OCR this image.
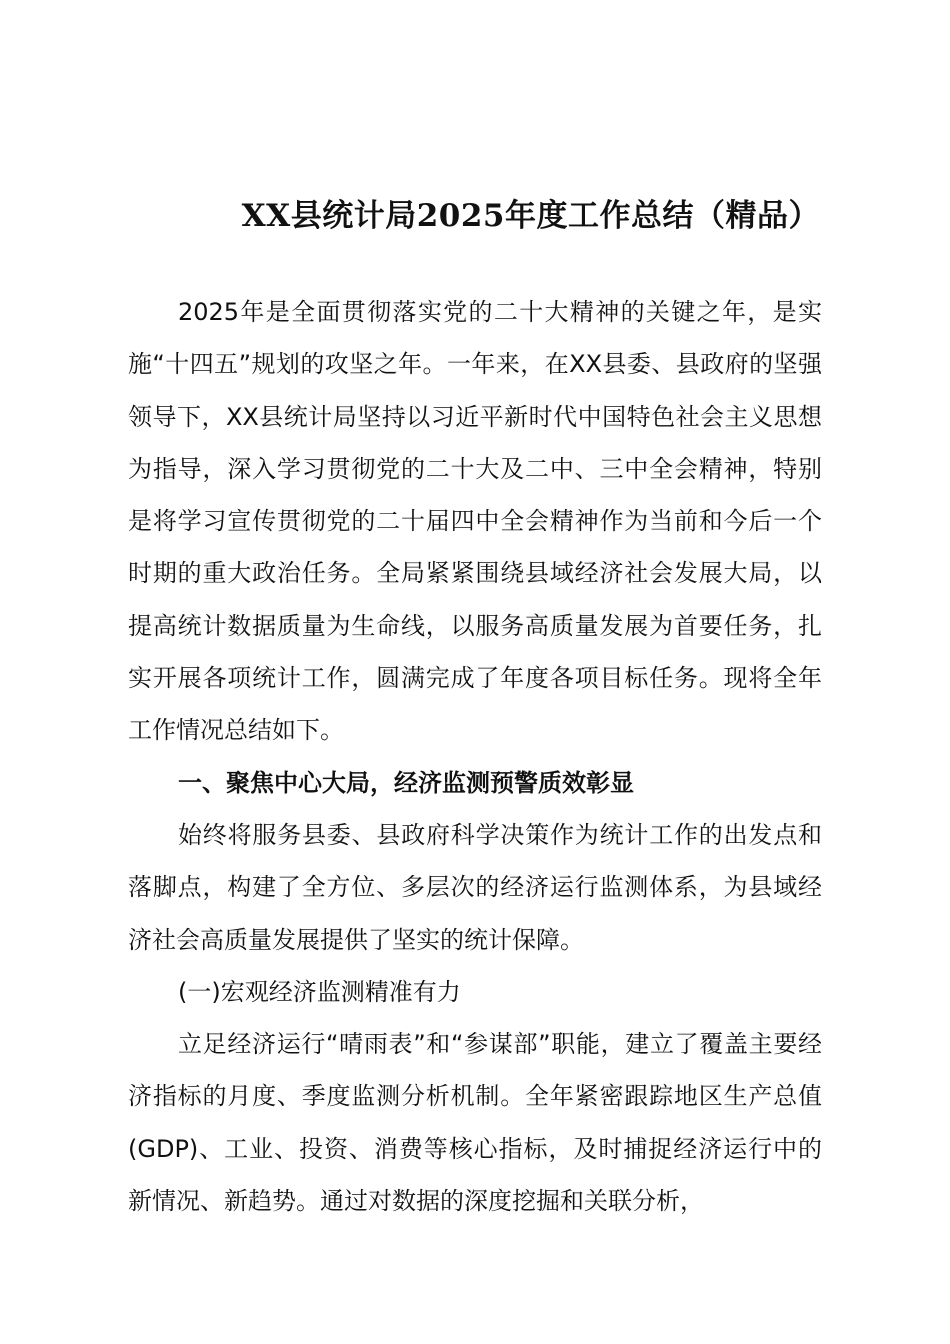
XX县统计局2025年度工作总结（精品）

2025年是全面贯彻落实党的二十大精神的关键之年，是实施“十四五”规划的攻坚之年。一年来，在XX县委、县政府的坚强领导下，XX县统计局坚持以习近平新时代中国特色社会主义思想为指导，深入学习贯彻党的二十大及二中、三中全会精神，特别是将学习宣传贯彻党的二十届四中全会精神作为当前和今后一个时期的重大政治任务。全局紧紧围绕县域经济社会发展大局，以提高统计数据质量为生命线，以服务高质量发展为首要任务，扎实开展各项统计工作，圆满完成了年度各项目标任务。现将全年工作情况总结如下。

一、聚焦中心大局，经济监测预警质效彰显

始终将服务县委、县政府科学决策作为统计工作的出发点和落脚点，构建了全方位、多层次的经济运行监测体系，为县域经济社会高质量发展提供了坚实的统计保障。

(一)宏观经济监测精准有力

立足经济运行“晴雨表”和“参谋部”职能，建立了覆盖主要经济指标的月度、季度监测分析机制。全年紧密跟踪地区生产总值(GDP)、工业、投资、消费等核心指标，及时捕捉经济运行中的新情况、新趋势。通过对数据的深度挖掘和关联分析，
